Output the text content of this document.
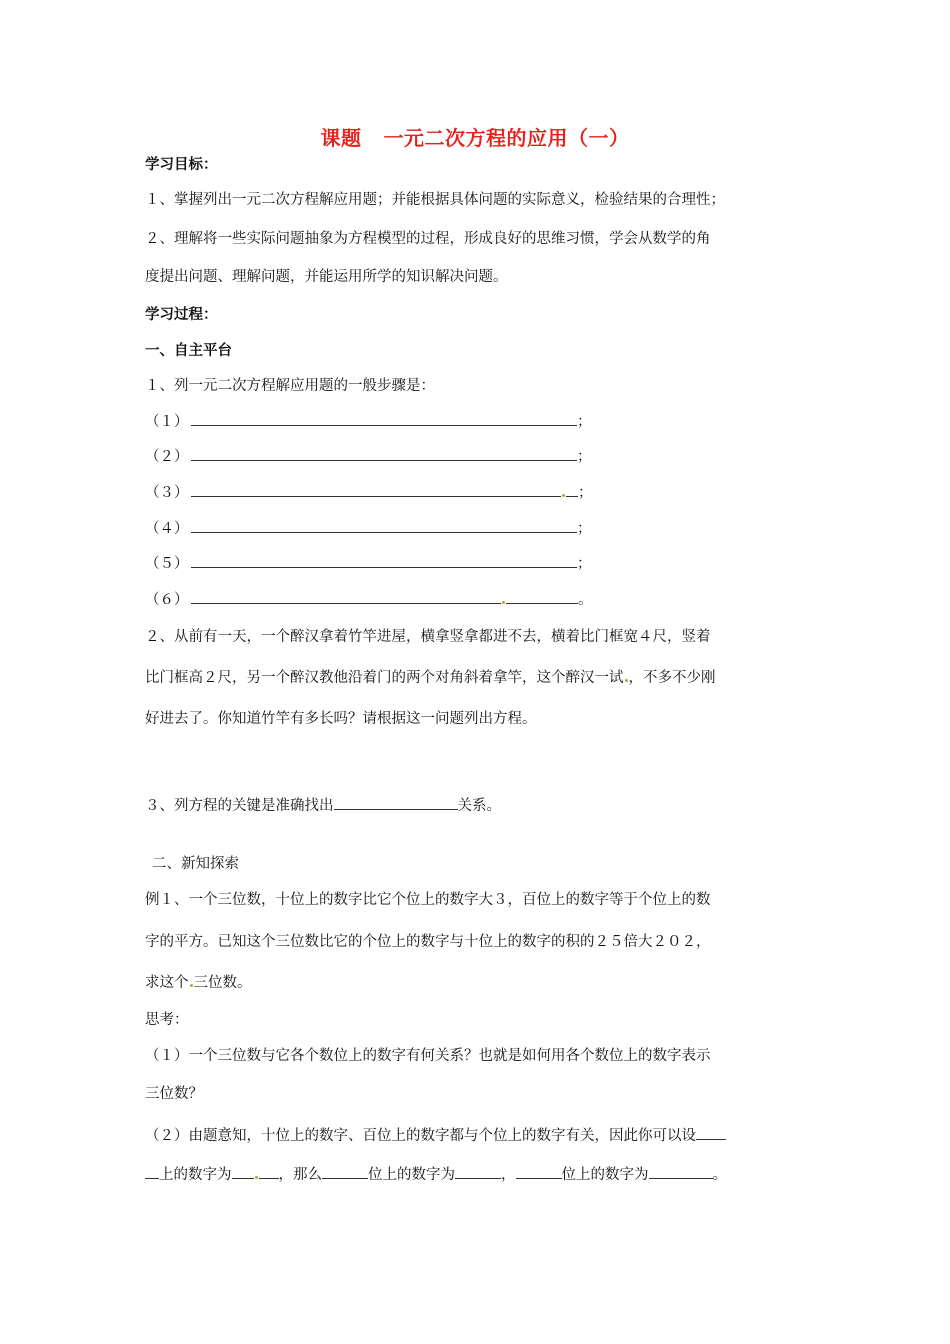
课题 一元二次方程的应用（一）
学习目标：
１、掌握列出一元二次方程解应用题；并能根据具体问题的实际意义，检验结果的合理性；
２、理解将一些实际问题抽象为方程模型的过程，形成良好的思维习惯，学会从数学的角
度提出问题、理解问题，并能运用所学的知识解决问题。
学习过程：
一、自主平台
１、列一元二次方程解应用题的一般步骤是：
（１）	；
（２）	；
（３）	；
（４）	；
（５）	；
（６）	。
２、从前有一天，一个醉汉拿着竹竿进屋，横拿竖拿都进不去，横着比门框宽４尺，竖着
比门框高２尺，另一个醉汉教他沿着门的两个对角斜着拿竿，这个醉汉一试 ，不多不少刚
好进去了。你知道竹竿有多长吗？请根据这一问题列出方程。
３、列方程的关键是准确找出	关系。
二、新知探索
例１、一个三位数，十位上的数字比它个位上的数字大３，百位上的数字等于个位上的数
字的平方。已知这个三位数比它的个位上的数字与十位上的数字的积的２５倍大２０２，
求这个 三位数。
思考：
（１）一个三位数与它各个数位上的数字有何关系？也就是如何用各个数位上的数字表示
三位数？
（２）由题意知，十位上的数字、百位上的数字都与个位上的数字有关，因此你可以设
上的数字为	，那么	位上的数字为	，	位上的数字为	。
